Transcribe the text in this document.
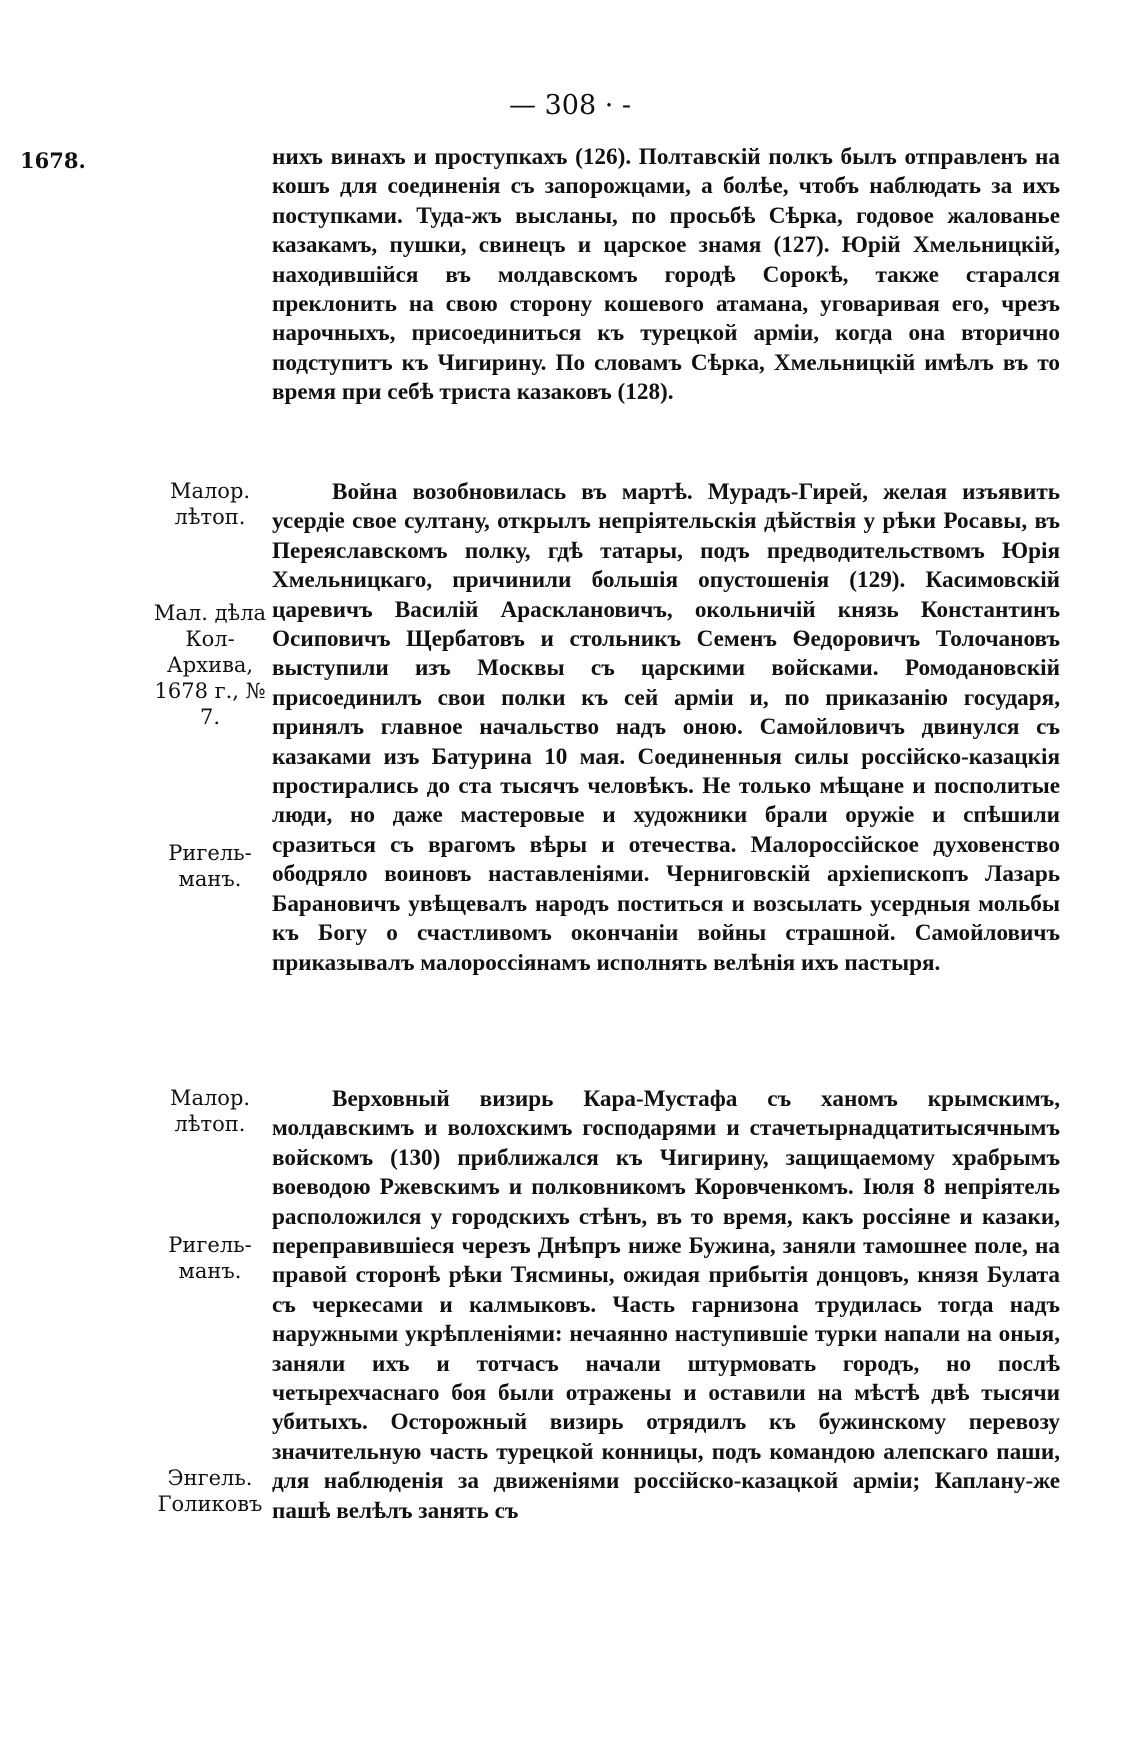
— 308 · -
1678.
Малор. лѣтоп.
Мал. дѣла Кол- Архива, 1678 г., № 7.
Ригель- манъ.
Малор. лѣтоп.
Ригель- манъ.
Энгель. Голиковъ

нихъ винахъ и проступкахъ (126). Полтавскій полкъ былъ отправленъ на кошъ для соединенія съ запорожцами, а болѣе, чтобъ наблюдать за ихъ поступками. Туда-жъ высланы, по просьбѣ Сѣрка, годовое жалованье казакамъ, пушки, свинецъ и царское знамя (127). Юрій Хмельницкій, находившійся въ молдавскомъ городѣ Сорокѣ, также старался преклонить на свою сторону кошевого атамана, уговаривая его, чрезъ нарочныхъ, присоединиться къ турецкой арміи, когда она вторично подступитъ къ Чигирину. По словамъ Сѣрка, Хмельницкій имѣлъ въ то время при себѣ триста казаковъ (128).

Война возобновилась въ мартѣ. Мурадъ-Гирей, желая изъявить усердіе свое султану, открылъ непріятельскія дѣйствія у рѣки Росавы, въ Переяславскомъ полку, гдѣ татары, подъ предводительствомъ Юрія Хмельницкаго, причинили большія опустошенія (129). Касимовскій царевичъ Василій Арасклановичъ, окольничій князь Константинъ Осиповичъ Щербатовъ и стольникъ Семенъ Ѳедоровичъ Толочановъ выступили изъ Москвы съ царскими войсками. Ромодановскій присоединилъ свои полки къ сей арміи и, по приказанію государя, принялъ главное начальство надъ оною. Самойловичъ двинулся съ казаками изъ Батурина 10 мая. Соединенныя силы россійско-казацкія простирались до ста тысячъ человѣкъ. Не только мѣщане и посполитые люди, но даже мастеровые и художники брали оружіе и спѣшили сразиться съ врагомъ вѣры и отечества. Малороссійское духовенство ободряло воиновъ наставленіями. Черниговскій архіепископъ Лазарь Барановичъ увѣщевалъ народъ поститься и возсылать усердныя мольбы къ Богу о счастливомъ окончаніи войны страшной. Самойловичъ приказывалъ малороссіянамъ исполнять велѣнія ихъ пастыря.

Верховный визирь Кара-Мустафа съ ханомъ крымскимъ, молдавскимъ и волохскимъ господарями и стачетырнадцатитысячнымъ войскомъ (130) приближался къ Чигирину, защищаемому храбрымъ воеводою Ржевскимъ и полковникомъ Коровченкомъ. Іюля 8 непріятель расположился у городскихъ стѣнъ, въ то время, какъ россіяне и казаки, переправившіеся черезъ Днѣпръ ниже Бужина, заняли тамошнее поле, на правой сторонѣ рѣки Тясмины, ожидая прибытія донцовъ, князя Булата съ черкесами и калмыковъ. Часть гарнизона трудилась тогда надъ наружными укрѣпленіями: нечаянно наступившіе турки напали на оныя, заняли ихъ и тотчасъ начали штурмовать городъ, но послѣ четырехчаснаго боя были отражены и оставили на мѣстѣ двѣ тысячи убитыхъ. Осторожный визирь отрядилъ къ бужинскому перевозу значительную часть турецкой конницы, подъ командою алепскаго паши, для наблюденія за движеніями россійско-казацкой арміи; Каплану-же пашѣ велѣлъ занять съ
